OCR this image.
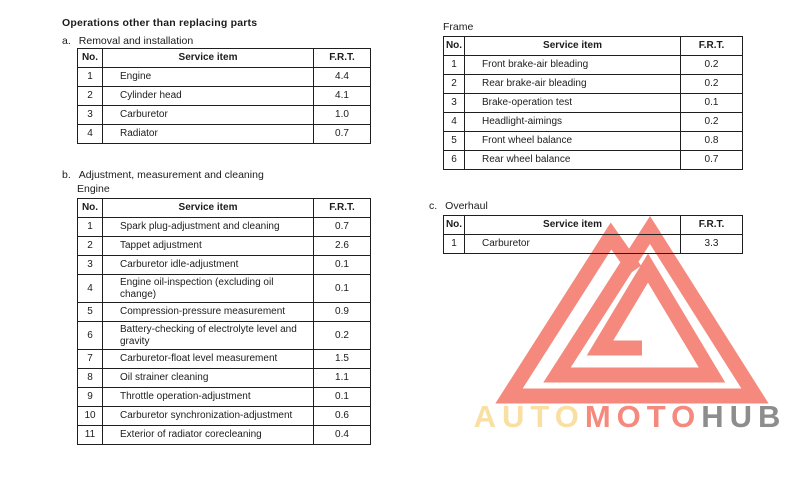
AUTOMOTOHUB
Operations other than replacing parts
a. Removal and installation
No.	Service item	F.R.T.
1	Engine	4.4
2	Cylinder head	4.1
3	Carburetor	1.0
4	Radiator	0.7
b. Adjustment, measurement and cleaning
Engine
No.	Service item	F.R.T.
1	Spark plug-adjustment and cleaning	0.7
2	Tappet adjustment	2.6
3	Carburetor idle-adjustment	0.1
4	Engine oil-inspection (excluding oil change)	0.1
5	Compression-pressure measurement	0.9
6	Battery-checking of electrolyte level and gravity	0.2
7	Carburetor-float level measurement	1.5
8	Oil strainer cleaning	1.1
9	Throttle operation-adjustment	0.1
10	Carburetor synchronization-adjustment	0.6
11	Exterior of radiator corecleaning	0.4
Frame
No.	Service item	F.R.T.
1	Front brake-air bleading	0.2
2	Rear brake-air bleading	0.2
3	Brake-operation test	0.1
4	Headlight-aimings	0.2
5	Front wheel balance	0.8
6	Rear wheel balance	0.7
c. Overhaul
No.	Service item	F.R.T.
1	Carburetor	3.3
